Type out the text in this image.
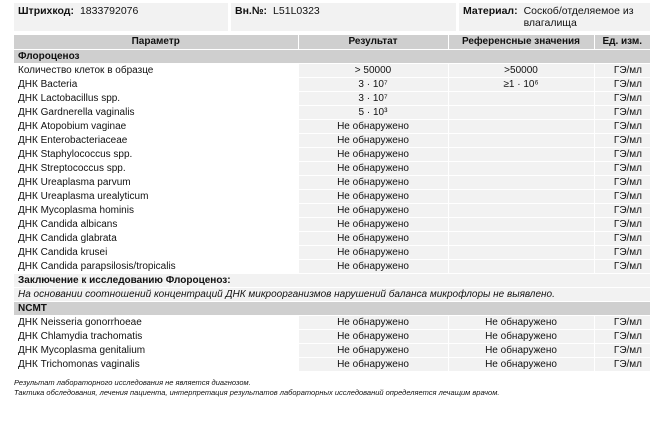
Штрихкод: 1833792076	Вн.№: L51L0323	Материал: Соскоб/отделяемое из влагалища
Параметр	Результат	Референсные значения	Ед. изм.
Флороценоз			
Количество клеток в образце	> 50000	>50000	ГЭ/мл
ДНК Bacteria	3 · 10⁷	≥1 · 10⁶	ГЭ/мл
ДНК Lactobacillus spp.	3 · 10⁷		ГЭ/мл
ДНК Gardnerella vaginalis	5 · 10³		ГЭ/мл
ДНК Atopobium vaginae	Не обнаружено		ГЭ/мл
ДНК Enterobacteriaceae	Не обнаружено		ГЭ/мл
ДНК Staphylococcus spp.	Не обнаружено		ГЭ/мл
ДНК Streptococcus spp.	Не обнаружено		ГЭ/мл
ДНК Ureaplasma parvum	Не обнаружено		ГЭ/мл
ДНК Ureaplasma urealyticum	Не обнаружено		ГЭ/мл
ДНК Mycoplasma hominis	Не обнаружено		ГЭ/мл
ДНК Candida albicans	Не обнаружено		ГЭ/мл
ДНК Candida glabrata	Не обнаружено		ГЭ/мл
ДНК Candida krusei	Не обнаружено		ГЭ/мл
ДНК Candida parapsilosis/tropicalis	Не обнаружено		ГЭ/мл
Заключение к исследованию Флороценоз:			
На основании соотношений концентраций ДНК микроорганизмов нарушений баланса микрофлоры не выявлено.			
NCMT			
ДНК Neisseria gonorrhoeae	Не обнаружено	Не обнаружено	ГЭ/мл
ДНК Chlamydia trachomatis	Не обнаружено	Не обнаружено	ГЭ/мл
ДНК Mycoplasma genitalium	Не обнаружено	Не обнаружено	ГЭ/мл
ДНК Trichomonas vaginalis	Не обнаружено	Не обнаружено	ГЭ/мл
Результат лабораторного исследования не является диагнозом.
Тактика обследования, лечения пациента, интерпретация результатов лабораторных исследований определяется лечащим врачом.
